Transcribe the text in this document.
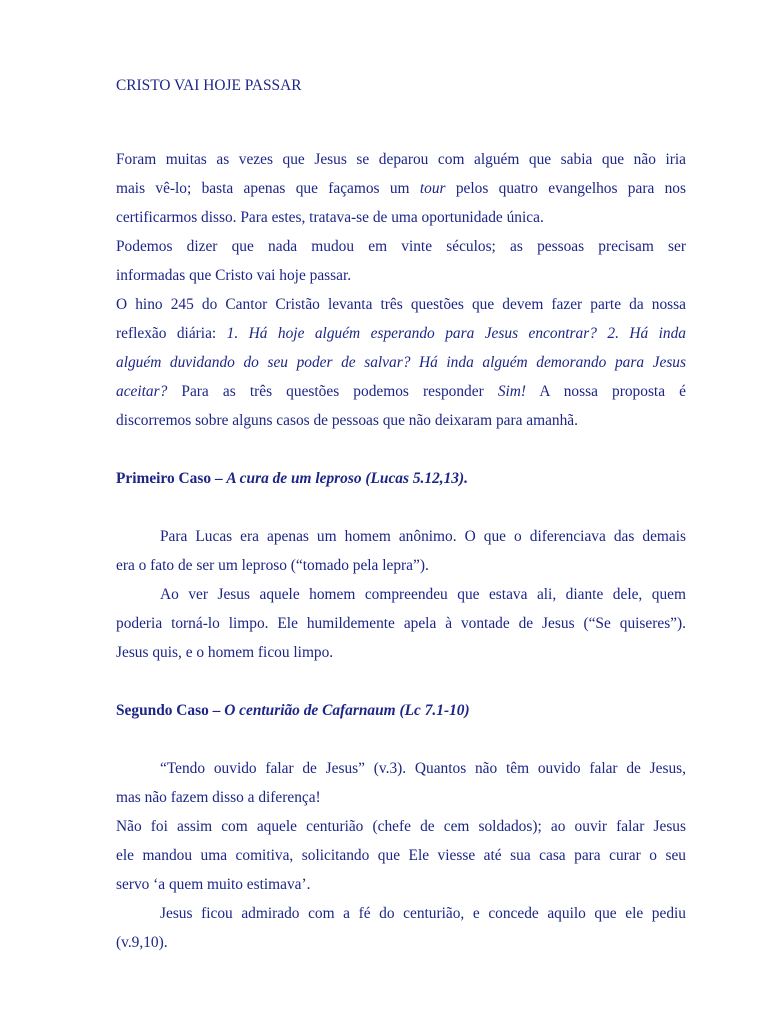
CRISTO VAI HOJE PASSAR

Foram muitas as vezes que Jesus se deparou com alguém que sabia que não iria

mais vê-lo; basta apenas que façamos um tour pelos quatro evangelhos para nos

certificarmos disso. Para estes, tratava-se de uma oportunidade única.

Podemos dizer que nada mudou em vinte séculos; as pessoas precisam ser

informadas que Cristo vai hoje passar.

O hino 245 do Cantor Cristão levanta três questões que devem fazer parte da nossa

reflexão diária: 1. Há hoje alguém esperando para Jesus encontrar? 2. Há inda

alguém duvidando do seu poder de salvar? Há inda alguém demorando para Jesus

aceitar? Para as três questões podemos responder Sim! A nossa proposta é

discorremos sobre alguns casos de pessoas que não deixaram para amanhã.

Primeiro Caso – A cura de um leproso (Lucas 5.12,13).

Para Lucas era apenas um homem anônimo. O que o diferenciava das demais

era o fato de ser um leproso (“tomado pela lepra”).

Ao ver Jesus aquele homem compreendeu que estava ali, diante dele, quem

poderia torná-lo limpo. Ele humildemente apela à vontade de Jesus (“Se quiseres”).

Jesus quis, e o homem ficou limpo.

Segundo Caso – O centurião de Cafarnaum (Lc 7.1-10)

“Tendo ouvido falar de Jesus” (v.3). Quantos não têm ouvido falar de Jesus,

mas não fazem disso a diferença!

Não foi assim com aquele centurião (chefe de cem soldados); ao ouvir falar Jesus

ele mandou uma comitiva, solicitando que Ele viesse até sua casa para curar o seu

servo ‘a quem muito estimava’.

Jesus ficou admirado com a fé do centurião, e concede aquilo que ele pediu

(v.9,10).
